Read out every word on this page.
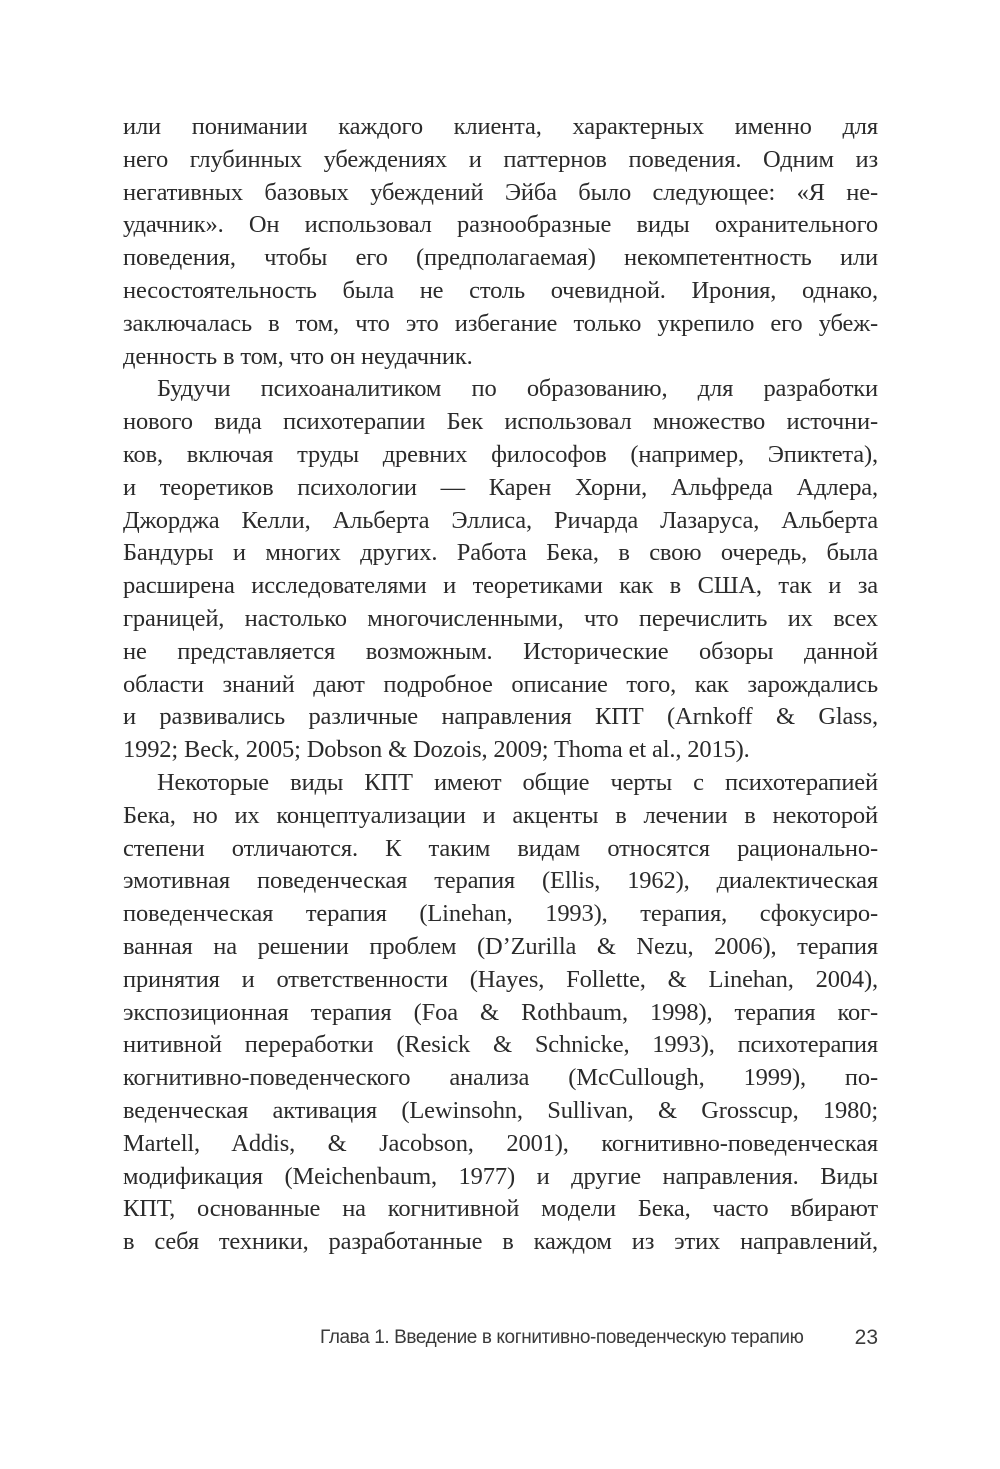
или понимании каждого клиента, характерных именно для
него глубинных убеждениях и паттернов поведения. Одним из
негативных базовых убеждений Эйба было следующее: «Я не-
удачник». Он использовал разнообразные виды охранительного
поведения, чтобы его (предполагаемая) некомпетентность или
несостоятельность была не столь очевидной. Ирония, однако,
заключалась в том, что это избегание только укрепило его убеж-
денность в том, что он неудачник.
Будучи психоаналитиком по образованию, для разработки
нового вида психотерапии Бек использовал множество источни-
ков, включая труды древних философов (например, Эпиктета),
и теоретиков психологии — Карен Хорни, Альфреда Адлера,
Джорджа Келли, Альберта Эллиса, Ричарда Лазаруса, Альберта
Бандуры и многих других. Работа Бека, в свою очередь, была
расширена исследователями и теоретиками как в США, так и за
границей, настолько многочисленными, что перечислить их всех
не представляется возможным. Исторические обзоры данной
области знаний дают подробное описание того, как зарождались
и развивались различные направления КПТ (Arnkoff & Glass,
1992; Beck, 2005; Dobson & Dozois, 2009; Thoma et al., 2015).
Некоторые виды КПТ имеют общие черты с психотерапией
Бека, но их концептуализации и акценты в лечении в некоторой
степени отличаются. К таким видам относятся рационально-
эмотивная поведенческая терапия (Ellis, 1962), диалектическая
поведенческая терапия (Linehan, 1993), терапия, сфокусиро-
ванная на решении проблем (D’Zurilla & Nezu, 2006), терапия
принятия и ответственности (Hayes, Follette, & Linehan, 2004),
экспозиционная терапия (Foa & Rothbaum, 1998), терапия ког-
нитивной переработки (Resick & Schnicke, 1993), психотерапия
когнитивно-поведенческого анализа (McCullough, 1999), по-
веденческая активация (Lewinsohn, Sullivan, & Grosscup, 1980;
Martell, Addis, & Jacobson, 2001), когнитивно-поведенческая
модификация (Meichenbaum, 1977) и другие направления. Виды
КПТ, основанные на когнитивной модели Бека, часто вбирают
в себя техники, разработанные в каждом из этих направлений,
Глава 1. Введение в когнитивно-поведенческую терапию 23
